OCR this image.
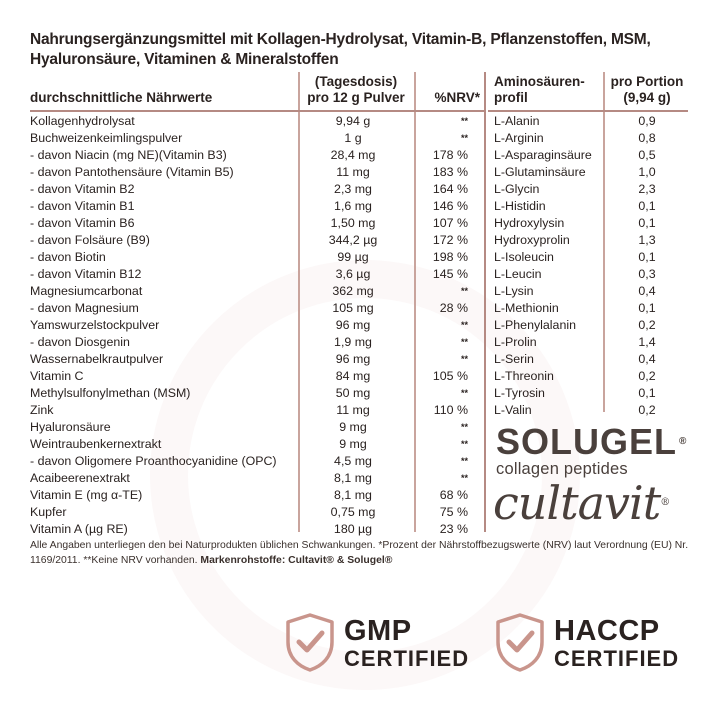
Nahrungsergänzungsmittel mit Kollagen-Hydrolysat, Vitamin-B, Pflanzenstoffen, MSM, Hyaluronsäure, Vitaminen & Mineralstoffen
durchschnittliche Nährwerte
(Tagesdosis)
pro 12 g Pulver	%NRV*
Aminosäuren-
profil
pro Portion
(9,94 g)
Kollagenhydrolysat	9,94 g	**
Buchweizenkeimlingspulver	1 g	**
- davon Niacin (mg NE)(Vitamin B3)	28,4 mg	178 %
- davon Pantothensäure (Vitamin B5)	11 mg	183 %
- davon Vitamin B2	2,3 mg	164 %
- davon Vitamin B1	1,6 mg	146 %
- davon Vitamin B6	1,50 mg	107 %
- davon Folsäure (B9)	344,2 µg	172 %
- davon Biotin	99 µg	198 %
- davon Vitamin B12	3,6 µg	145 %
Magnesiumcarbonat	362 mg	**
- davon Magnesium	105 mg	28 %
Yamswurzelstockpulver	96 mg	**
- davon Diosgenin	1,9 mg	**
Wassernabelkrautpulver	96 mg	**
Vitamin C	84 mg	105 %
Methylsulfonylmethan (MSM)	50 mg	**
Zink	11 mg	110 %
Hyaluronsäure	9 mg	**
Weintraubenkernextrakt	9 mg	**
- davon Oligomere Proanthocyanidine (OPC)	4,5 mg	**
Acaibeerenextrakt	8,1 mg	**
Vitamin E (mg α-TE)	8,1 mg	68 %
Kupfer	0,75 mg	75 %
Vitamin A (µg RE)	180 µg	23 %
L-Alanin	0,9
L-Arginin	0,8
L-Asparaginsäure	0,5
L-Glutaminsäure	1,0
L-Glycin	2,3
L-Histidin	0,1
Hydroxylysin	0,1
Hydroxyprolin	1,3
L-Isoleucin	0,1
L-Leucin	0,3
L-Lysin	0,4
L-Methionin	0,1
L-Phenylalanin	0,2
L-Prolin	1,4
L-Serin	0,4
L-Threonin	0,2
L-Tyrosin	0,1
L-Valin	0,2
SOLUGEL ®
collagen peptides
cultavit®
Alle Angaben unterliegen den bei Naturprodukten üblichen Schwankungen. *Prozent der Nährstoffbezugswerte (NRV) laut Verordnung (EU) Nr. 1169/2011. **Keine NRV vorhanden. Markenrohstoffe: Cultavit® & Solugel®
GMP
CERTIFIED
HACCP
CERTIFIED
